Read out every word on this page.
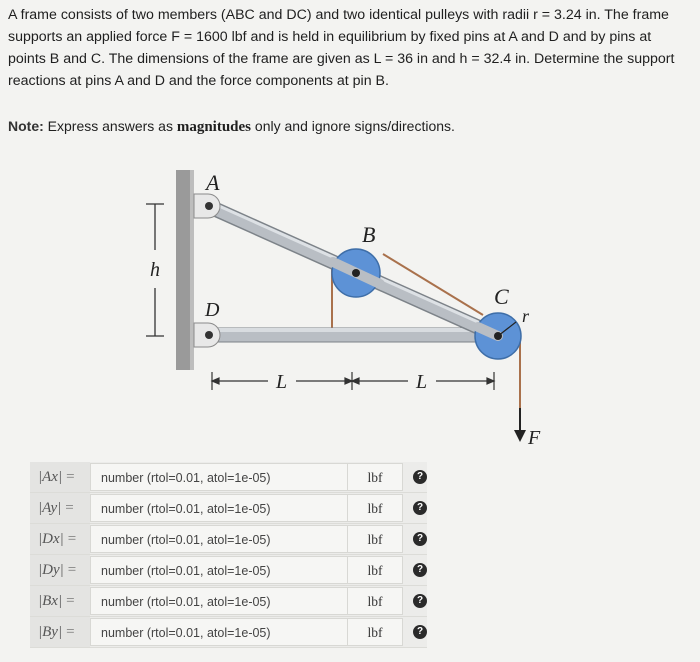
A frame consists of two members (ABC and DC) and two identical pulleys with radii r = 3.24 in. The frame

supports an applied force F = 1600 lbf and is held in equilibrium by fixed pins at A and D and by pins at

points B and C. The dimensions of the frame are given as L = 36 in and h = 32.4 in. Determine the support

reactions at pins A and D and the force components at pin B.

Note: Express answers as magnitudes only and ignore signs/directions.
h
L	L
F
A
D
B
C
r
|Ax| =	number (rtol=0.01, atol=1e-05)	lbf	?
|Ay| =	number (rtol=0.01, atol=1e-05)	lbf	?
|Dx| =	number (rtol=0.01, atol=1e-05)	lbf	?
|Dy| =	number (rtol=0.01, atol=1e-05)	lbf	?
|Bx| =	number (rtol=0.01, atol=1e-05)	lbf	?
|By| =	number (rtol=0.01, atol=1e-05)	lbf	?
